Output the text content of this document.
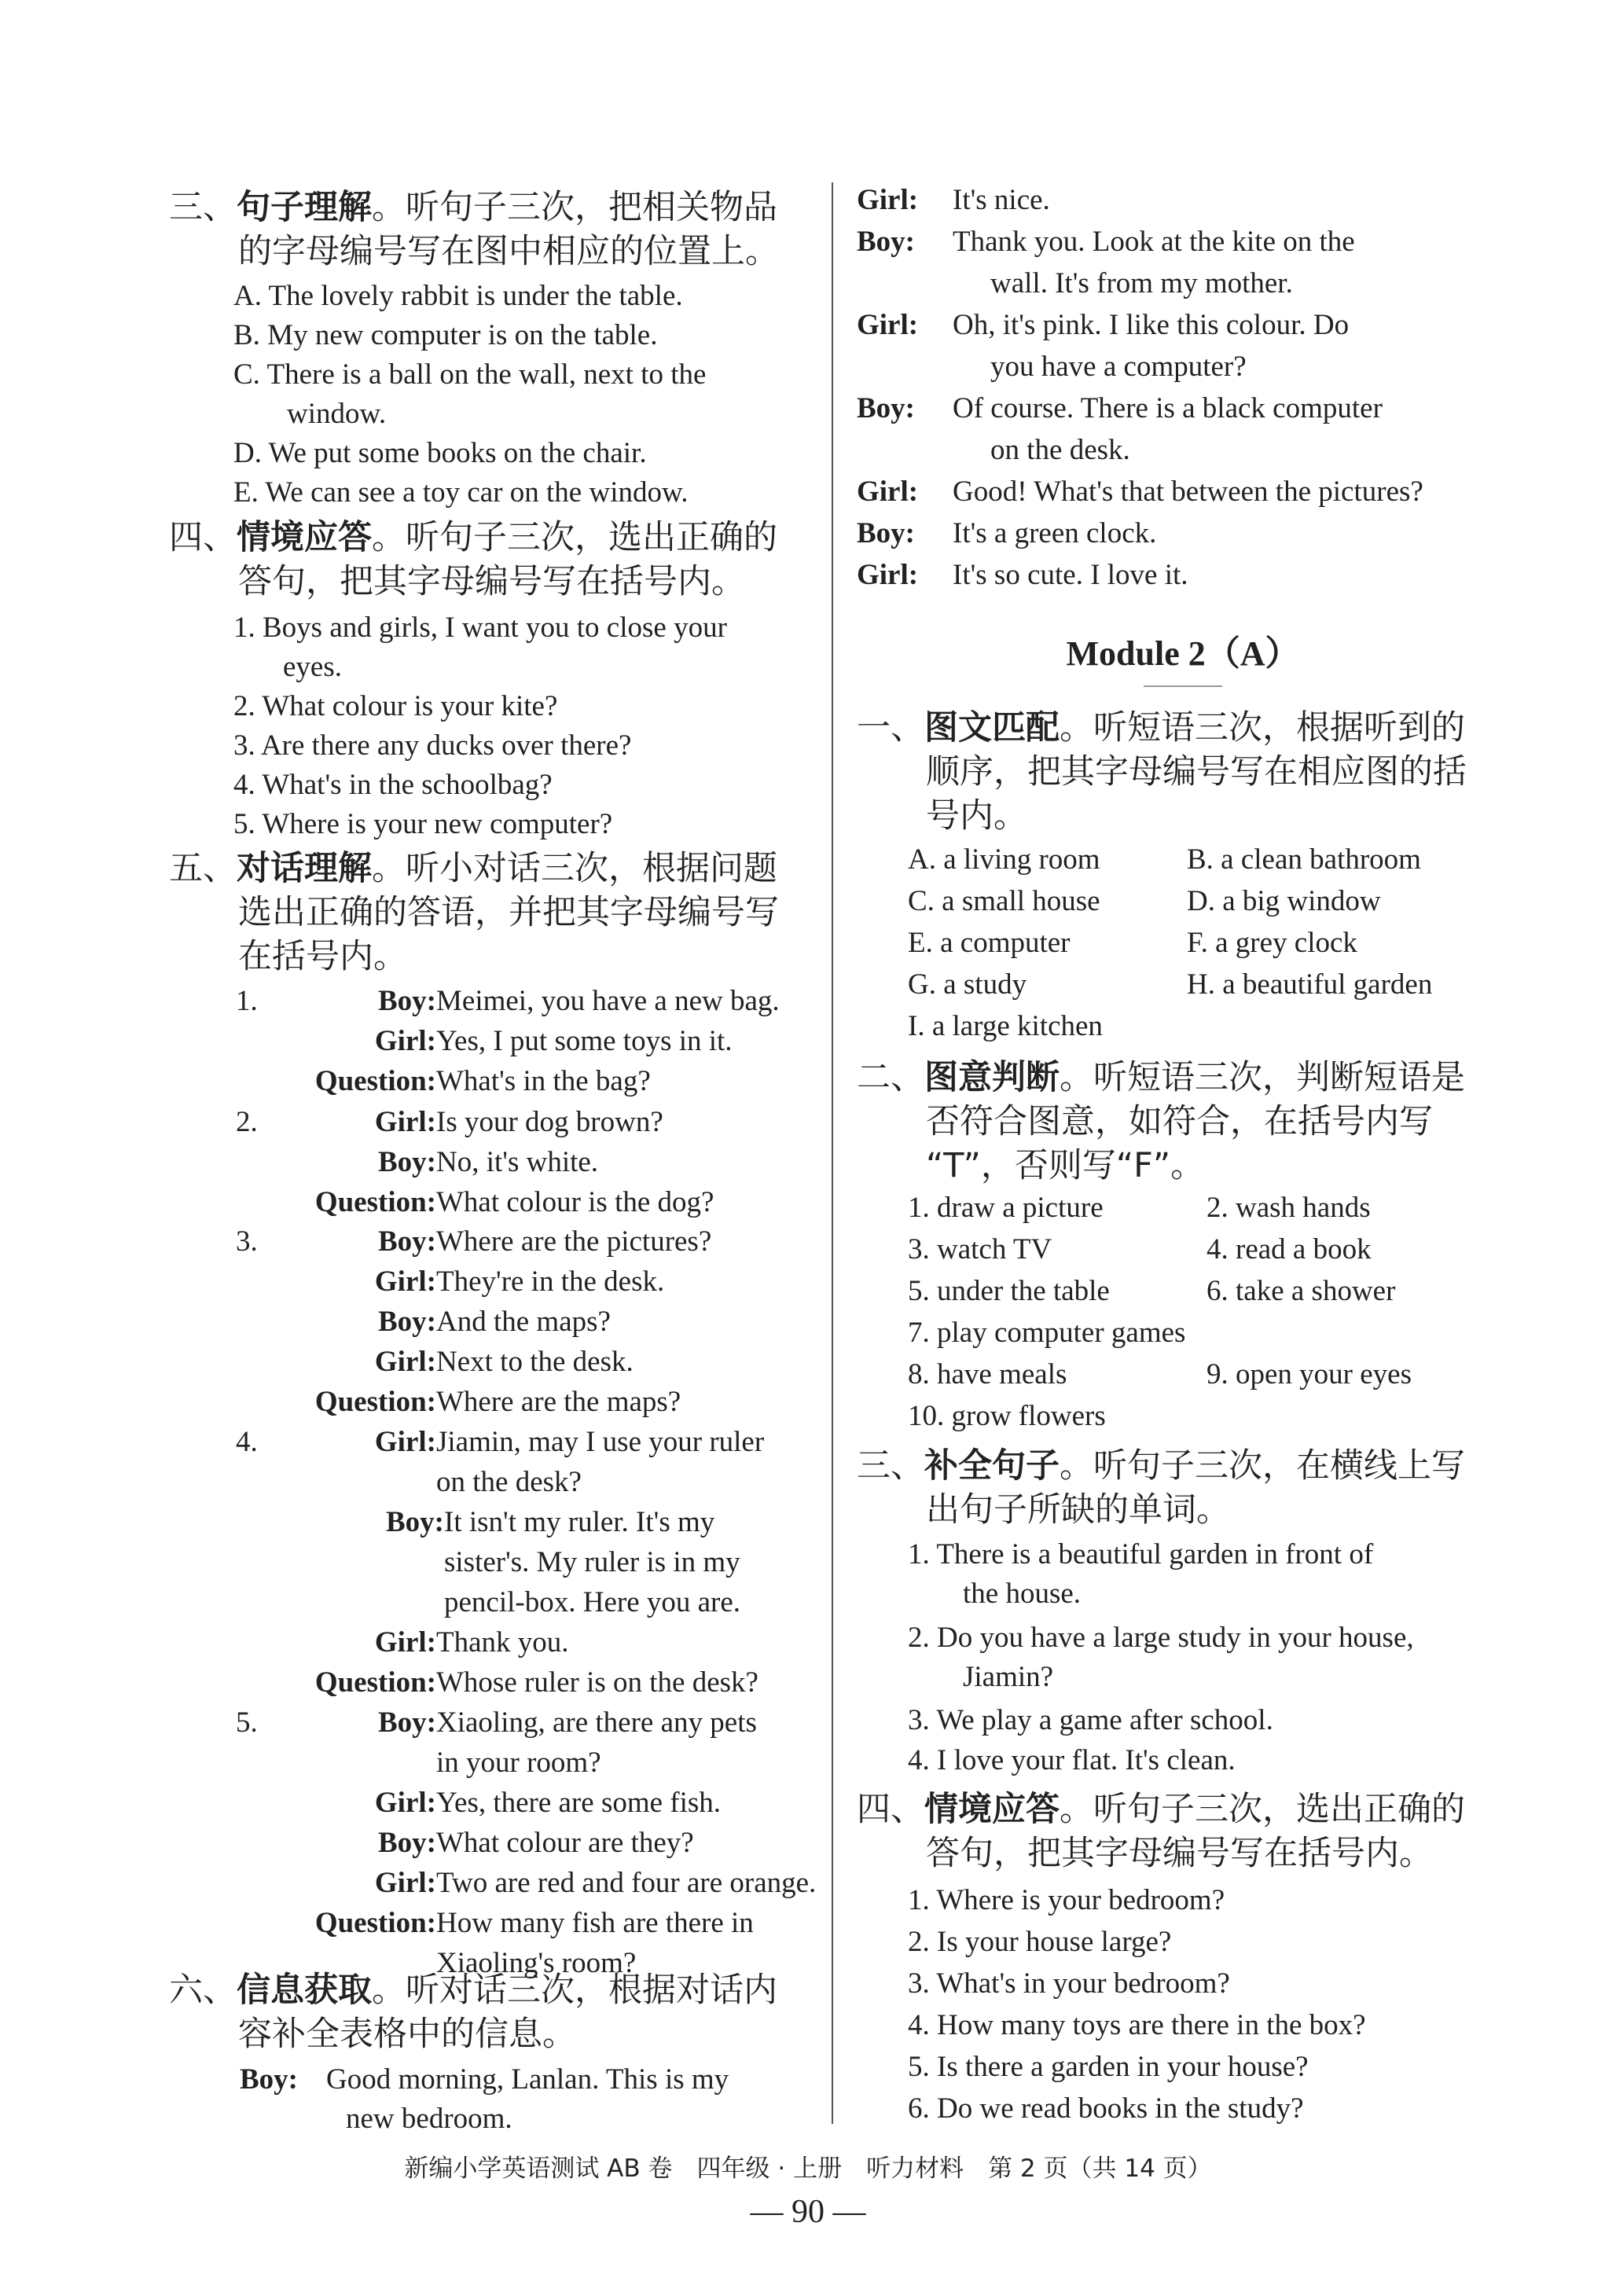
三、句子理解。听句子三次，把相关物品
的字母编号写在图中相应的位置上。
A. The lovely rabbit is under the table.
B. My new computer is on the table.
C. There is a ball on the wall, next to the
window.
D. We put some books on the chair.
E. We can see a toy car on the window.
四、情境应答。听句子三次，选出正确的
答句，把其字母编号写在括号内。
1. Boys and girls, I want you to close your
eyes.
2. What colour is your kite?
3. Are there any ducks over there?
4. What's in the schoolbag?
5. Where is your new computer?
五、对话理解。听小对话三次，根据问题
选出正确的答语，并把其字母编号写
在括号内。
1.	Boy: Meimei, you have a new bag.
Girl: Yes, I put some toys in it.
Question: What's in the bag?
2.	Girl: Is your dog brown?
Boy: No, it's white.
Question: What colour is the dog?
3.	Boy: Where are the pictures?
Girl: They're in the desk.
Boy: And the maps?
Girl: Next to the desk.
Question: Where are the maps?
4.	Girl: Jiamin, may I use your ruler
on the desk?
Boy: It isn't my ruler. It's my
sister's. My ruler is in my
pencil-box. Here you are.
Girl: Thank you.
Question: Whose ruler is on the desk?
5.	Boy: Xiaoling, are there any pets
in your room?
Girl: Yes, there are some fish.
Boy: What colour are they?
Girl: Two are red and four are orange.
Question: How many fish are there in
Xiaoling's room?
六、信息获取。听对话三次，根据对话内
容补全表格中的信息。
Boy: Good morning, Lanlan. This is my
new bedroom.
Girl:	It's nice.
Boy:	Thank you. Look at the kite on the
wall. It's from my mother.
Girl:	Oh, it's pink. I like this colour. Do
you have a computer?
Boy:	Of course. There is a black computer
on the desk.
Girl:	Good! What's that between the pictures?
Boy:	It's a green clock.
Girl:	It's so cute. I love it.
Module 2（A）
一、图文匹配。听短语三次，根据听到的
顺序，把其字母编号写在相应图的括
号内。
A. a living room	B. a clean bathroom
C. a small house	D. a big window
E. a computer	F. a grey clock
G. a study	H. a beautiful garden
I. a large kitchen
二、图意判断。听短语三次，判断短语是
否符合图意，如符合，在括号内写
“T”，否则写“F”。
1. draw a picture	2. wash hands
3. watch TV	4. read a book
5. under the table	6. take a shower
7. play computer games
8. have meals	9. open your eyes
10. grow flowers
三、补全句子。听句子三次，在横线上写
出句子所缺的单词。
1. There is a beautiful garden in front of
the house.
2. Do you have a large study in your house,
Jiamin?
3. We play a game after school.
4. I love your flat. It's clean.
四、情境应答。听句子三次，选出正确的
答句，把其字母编号写在括号内。
1. Where is your bedroom?
2. Is your house large?
3. What's in your bedroom?
4. How many toys are there in the box?
5. Is there a garden in your house?
6. Do we read books in the study?
新编小学英语测试 AB 卷　四年级 · 上册　听力材料　第 2 页（共 14 页）
— 90 —
